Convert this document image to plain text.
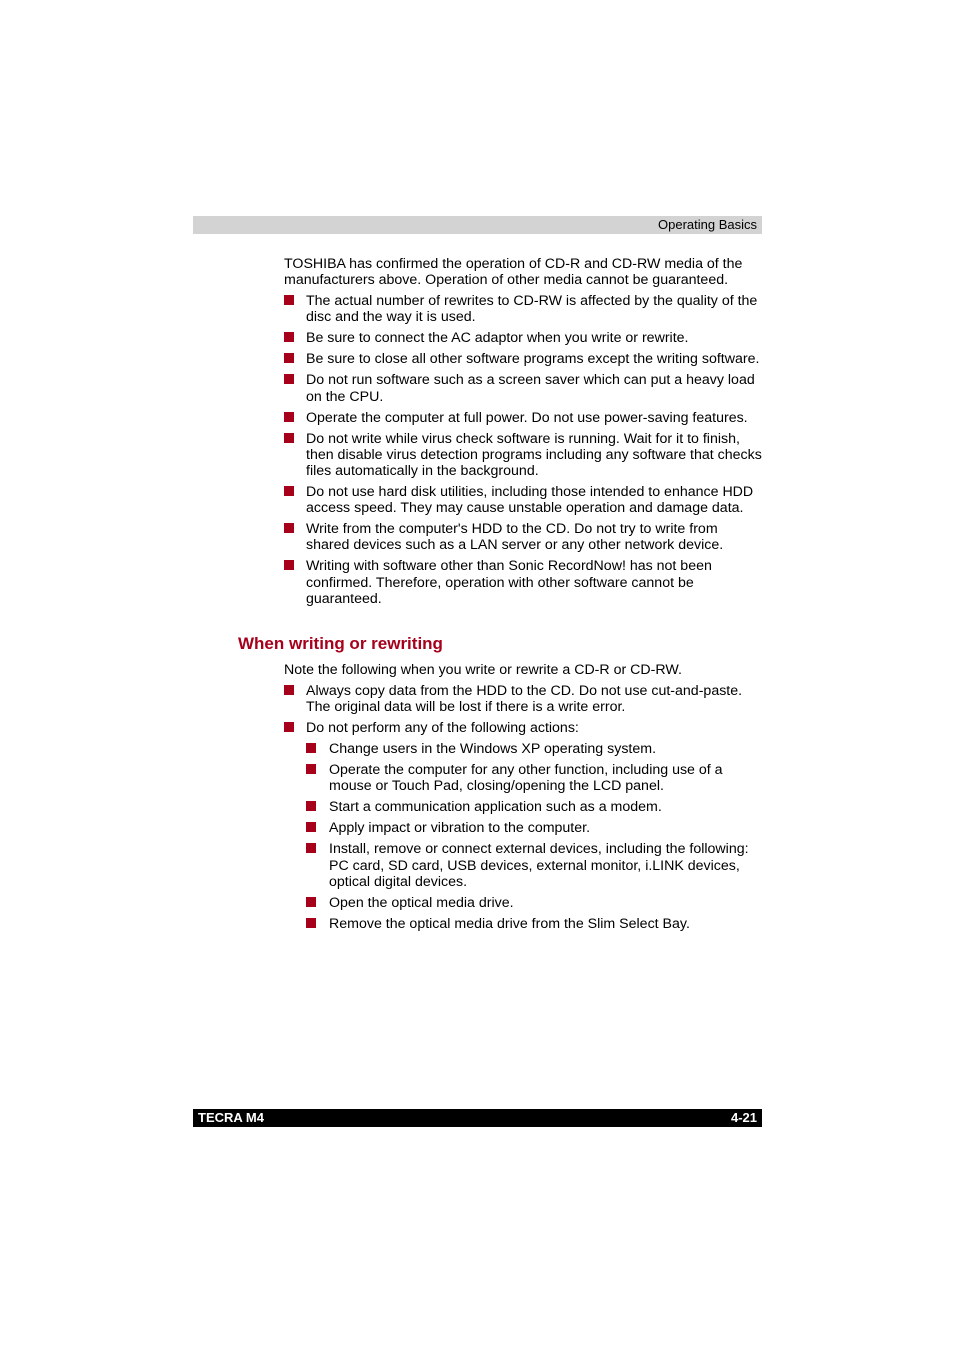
Operating Basics

TOSHIBA has confirmed the operation of CD-R and CD-RW media of the manufacturers above. Operation of other media cannot be guaranteed.

The actual number of rewrites to CD-RW is affected by the quality of the disc and the way it is used.
Be sure to connect the AC adaptor when you write or rewrite.
Be sure to close all other software programs except the writing software.
Do not run software such as a screen saver which can put a heavy load on the CPU.
Operate the computer at full power. Do not use power-saving features.
Do not write while virus check software is running. Wait for it to finish, then disable virus detection programs including any software that checks files automatically in the background.
Do not use hard disk utilities, including those intended to enhance HDD access speed. They may cause unstable operation and damage data.
Write from the computer's HDD to the CD. Do not try to write from shared devices such as a LAN server or any other network device.
Writing with software other than Sonic RecordNow! has not been confirmed. Therefore, operation with other software cannot be guaranteed.
When writing or rewriting

Note the following when you write or rewrite a CD-R or CD-RW.

Always copy data from the HDD to the CD. Do not use cut-and-paste. The original data will be lost if there is a write error.
Do not perform any of the following actions:
Change users in the Windows XP operating system.
Operate the computer for any other function, including use of a mouse or Touch Pad, closing/opening the LCD panel.
Start a communication application such as a modem.
Apply impact or vibration to the computer.
Install, remove or connect external devices, including the following: PC card, SD card, USB devices, external monitor, i.LINK devices, optical digital devices.
Open the optical media drive.
Remove the optical media drive from the Slim Select Bay.
TECRA M4	4-21
